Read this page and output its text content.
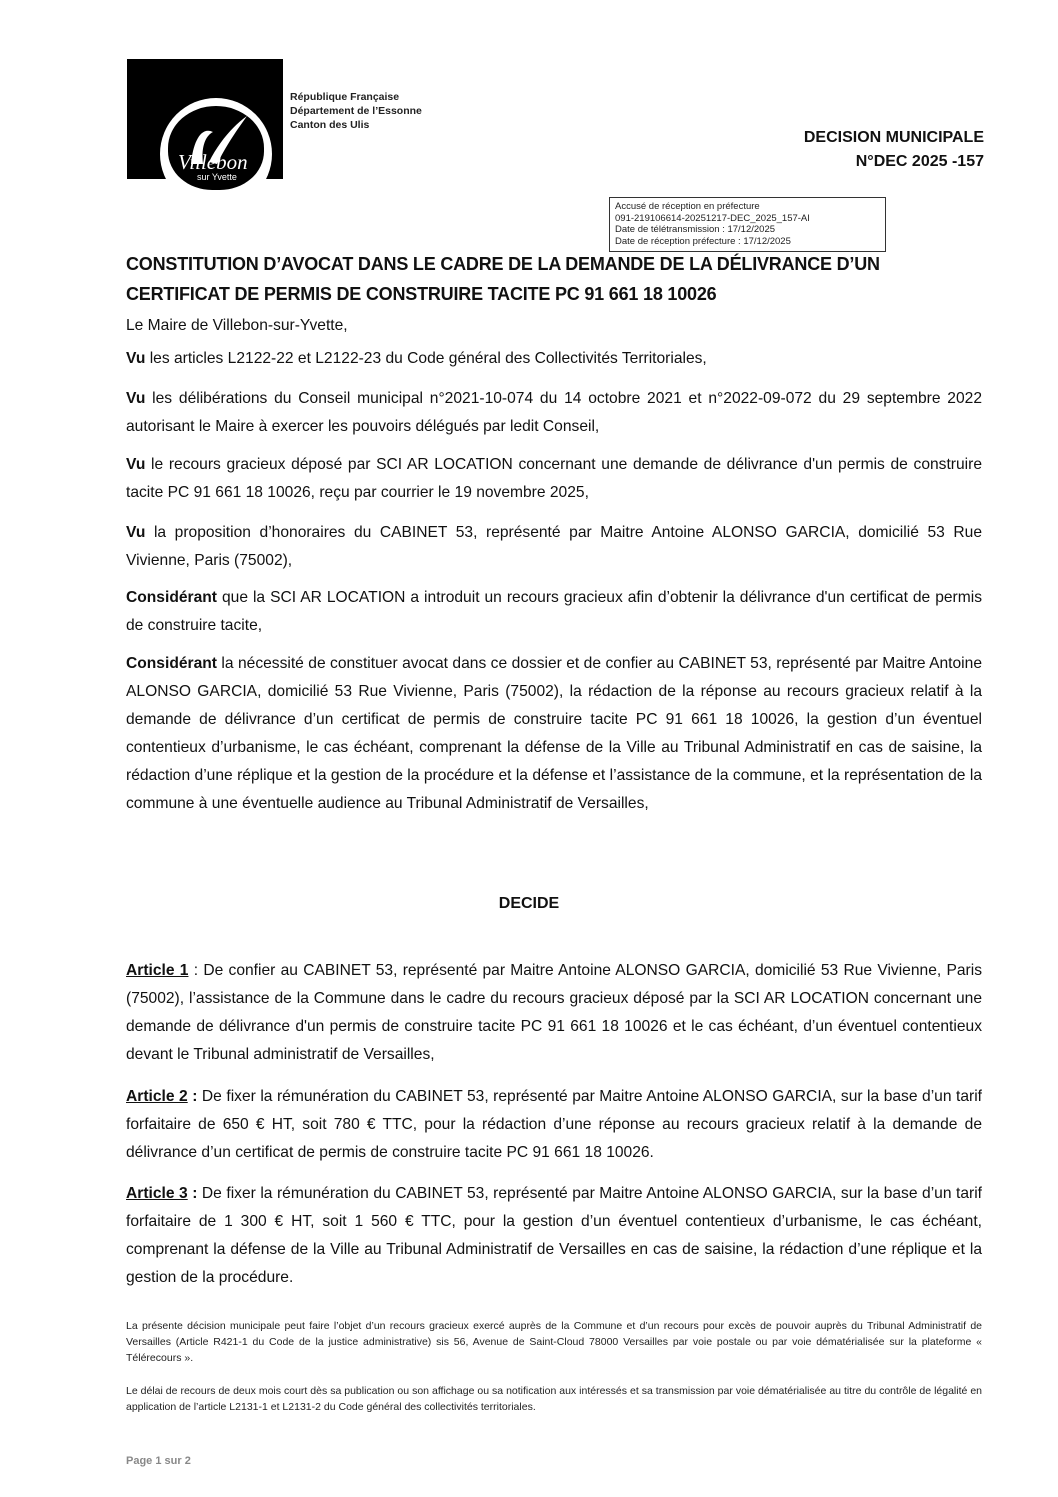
Villebon
sur Yvette
République Française
Département de l’Essonne
Canton des Ulis
DECISION MUNICIPALE
N°DEC 2025 -157
Accusé de réception en préfecture
091-219106614-20251217-DEC_2025_157-AI
Date de télétransmission : 17/12/2025
Date de réception préfecture : 17/12/2025
CONSTITUTION D’AVOCAT DANS LE CADRE DE LA DEMANDE DE LA DÉLIVRANCE D’UN CERTIFICAT DE PERMIS DE CONSTRUIRE TACITE PC 91 661 18 10026
Le Maire de Villebon-sur-Yvette,
Vu les articles L2122-22 et L2122-23 du Code général des Collectivités Territoriales,
Vu les délibérations du Conseil municipal n°2021-10-074 du 14 octobre 2021 et n°2022-09-072 du 29 septembre 2022 autorisant le Maire à exercer les pouvoirs délégués par ledit Conseil,
Vu le recours gracieux déposé par SCI AR LOCATION concernant une demande de délivrance d'un permis de construire tacite PC 91 661 18 10026, reçu par courrier le 19 novembre 2025,
Vu la proposition d’honoraires du CABINET 53, représenté par Maitre Antoine ALONSO GARCIA, domicilié 53 Rue Vivienne, Paris (75002),
Considérant que la SCI AR LOCATION a introduit un recours gracieux afin d’obtenir la délivrance d'un certificat de permis de construire tacite,
Considérant la nécessité de constituer avocat dans ce dossier et de confier au CABINET 53, représenté par Maitre Antoine ALONSO GARCIA, domicilié 53 Rue Vivienne, Paris (75002), la rédaction de la réponse au recours gracieux relatif à la demande de délivrance d’un certificat de permis de construire tacite PC 91 661 18 10026, la gestion d’un éventuel contentieux d’urbanisme, le cas échéant, comprenant la défense de la Ville au Tribunal Administratif en cas de saisine, la rédaction d’une réplique et la gestion de la procédure et la défense et l’assistance de la commune, et la représentation de la commune à une éventuelle audience au Tribunal Administratif de Versailles,
DECIDE
Article 1 : De confier au CABINET 53, représenté par Maitre Antoine ALONSO GARCIA, domicilié 53 Rue Vivienne, Paris (75002), l’assistance de la Commune dans le cadre du recours gracieux déposé par la SCI AR LOCATION concernant une demande de délivrance d'un permis de construire tacite PC 91 661 18 10026 et le cas échéant, d’un éventuel contentieux devant le Tribunal administratif de Versailles,
Article 2 : De fixer la rémunération du CABINET 53, représenté par Maitre Antoine ALONSO GARCIA, sur la base d’un tarif forfaitaire de 650 € HT, soit 780 € TTC, pour la rédaction d’une réponse au recours gracieux relatif à la demande de délivrance d’un certificat de permis de construire tacite PC 91 661 18 10026.
Article 3 : De fixer la rémunération du CABINET 53, représenté par Maitre Antoine ALONSO GARCIA, sur la base d’un tarif forfaitaire de 1 300 € HT, soit 1 560 € TTC, pour la gestion d’un éventuel contentieux d’urbanisme, le cas échéant, comprenant la défense de la Ville au Tribunal Administratif de Versailles en cas de saisine, la rédaction d’une réplique et la gestion de la procédure.
La présente décision municipale peut faire l’objet d’un recours gracieux exercé auprès de la Commune et d’un recours pour excès de pouvoir auprès du Tribunal Administratif de Versailles (Article R421-1 du Code de la justice administrative) sis 56, Avenue de Saint-Cloud 78000 Versailles par voie postale ou par voie dématérialisée sur la plateforme « Télérecours ».
Le délai de recours de deux mois court dès sa publication ou son affichage ou sa notification aux intéressés et sa transmission par voie dématérialisée au titre du contrôle de légalité en application de l’article L2131-1 et L2131-2 du Code général des collectivités territoriales.
Page 1 sur 2
